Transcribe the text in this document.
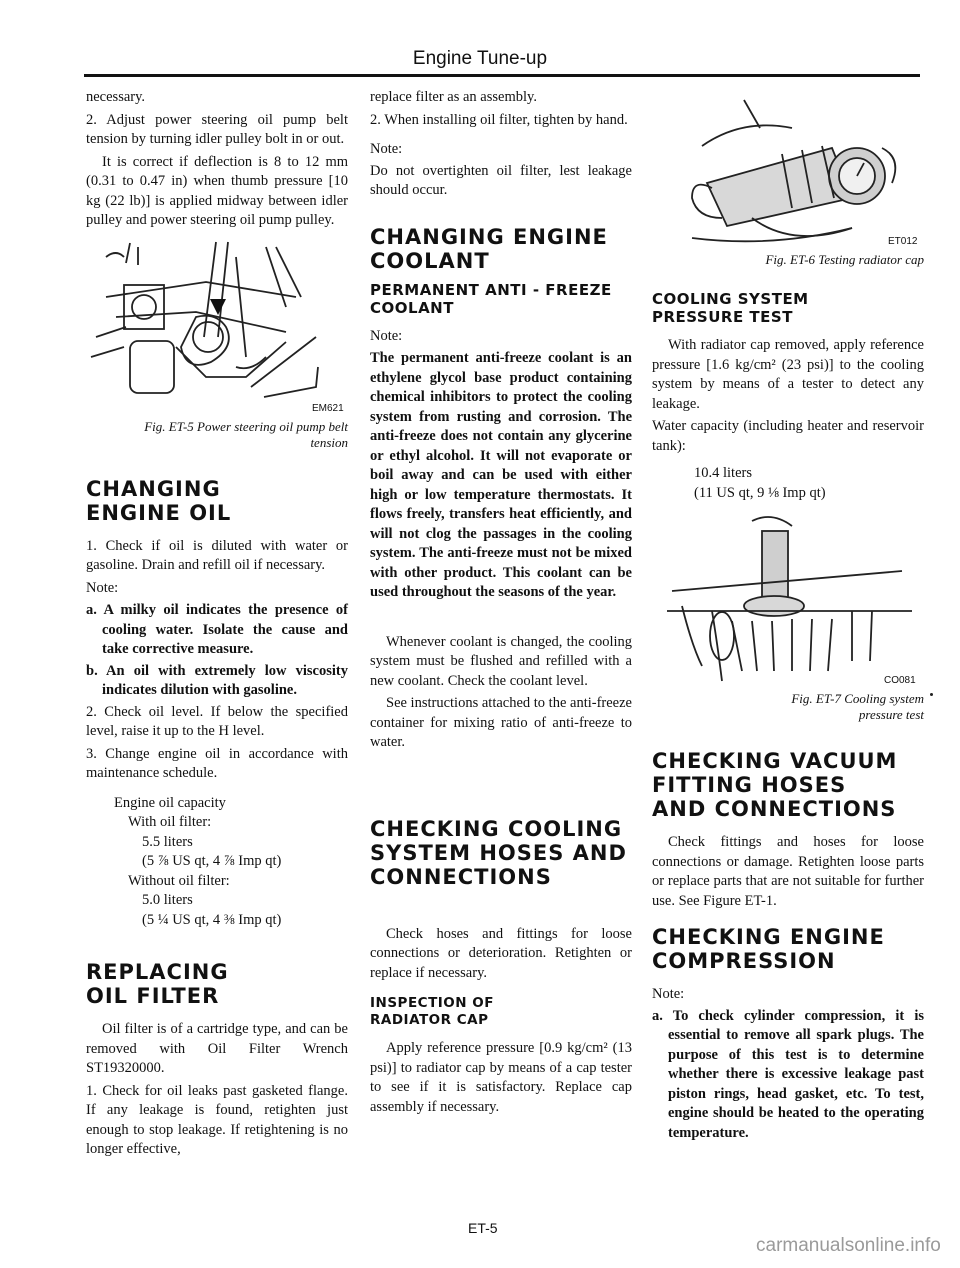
Engine Tune-up

necessary.

2. Adjust power steering oil pump belt tension by turning idler pulley bolt in or out.

It is correct if deflection is 8 to 12 mm (0.31 to 0.47 in) when thumb pressure [10 kg (22 lb)] is applied midway between idler pulley and power steering oil pump pulley.

EM621

Fig. ET-5 Power steering oil pump belt

tension

CHANGING
ENGINE OIL

1. Check if oil is diluted with water or gasoline. Drain and refill oil if necessary.

Note:

a. A milky oil indicates the presence of cooling water. Isolate the cause and take corrective measure.

b. An oil with extremely low viscosity indicates dilution with gasoline.

2. Check oil level. If below the specified level, raise it up to the H level.

3. Change engine oil in accordance with maintenance schedule.

Engine oil capacity

With oil filter:

5.5 liters

(5 ⅞ US qt, 4 ⅞ Imp qt)

Without oil filter:

5.0 liters

(5 ¼ US qt, 4 ⅜ Imp qt)

REPLACING
OIL FILTER

Oil filter is of a cartridge type, and can be removed with Oil Filter Wrench ST19320000.

1. Check for oil leaks past gasketed flange. If any leakage is found, retighten just enough to stop leakage. If retightening is no longer effective,

replace filter as an assembly.

2. When installing oil filter, tighten by hand.

Note:

Do not overtighten oil filter, lest leakage should occur.

CHANGING ENGINE
COOLANT
PERMANENT ANTI - FREEZE
COOLANT

Note:

The permanent anti-freeze coolant is an ethylene glycol base product containing chemical inhibitors to protect the cooling system from rusting and corrosion. The anti-freeze does not contain any glycerine or ethyl alcohol. It will not evaporate or boil away and can be used with either high or low temperature thermostats. It flows freely, transfers heat efficiently, and will not clog the passages in the cooling system. The anti-freeze must not be mixed with other product. This coolant can be used throughout the seasons of the year.

Whenever coolant is changed, the cooling system must be flushed and refilled with a new coolant. Check the coolant level.

See instructions attached to the anti-freeze container for mixing ratio of anti-freeze to water.

CHECKING COOLING
SYSTEM HOSES AND
CONNECTIONS

Check hoses and fittings for loose connections or deterioration. Retighten or replace if necessary.

INSPECTION OF
RADIATOR CAP

Apply reference pressure [0.9 kg/cm² (13 psi)] to radiator cap by means of a cap tester to see if it is satisfactory. Replace cap assembly if necessary.

ET012

Fig. ET-6 Testing radiator cap

COOLING SYSTEM
PRESSURE TEST

With radiator cap removed, apply reference pressure [1.6 kg/cm² (23 psi)] to the cooling system by means of a tester to detect any leakage.

Water capacity (including heater and reservoir tank):

10.4 liters

(11 US qt, 9 ⅛ Imp qt)

CO081

Fig. ET-7 Cooling system

pressure test

CHECKING VACUUM
FITTING HOSES
AND CONNECTIONS

Check fittings and hoses for loose connections or damage. Retighten loose parts or replace parts that are not suitable for further use. See Figure ET-1.

CHECKING ENGINE
COMPRESSION

Note:

a. To check cylinder compression, it is essential to remove all spark plugs. The purpose of this test is to determine whether there is excessive leakage past piston rings, head gasket, etc. To test, engine should be heated to the operating temperature.

ET-5
carmanualsonline.info
